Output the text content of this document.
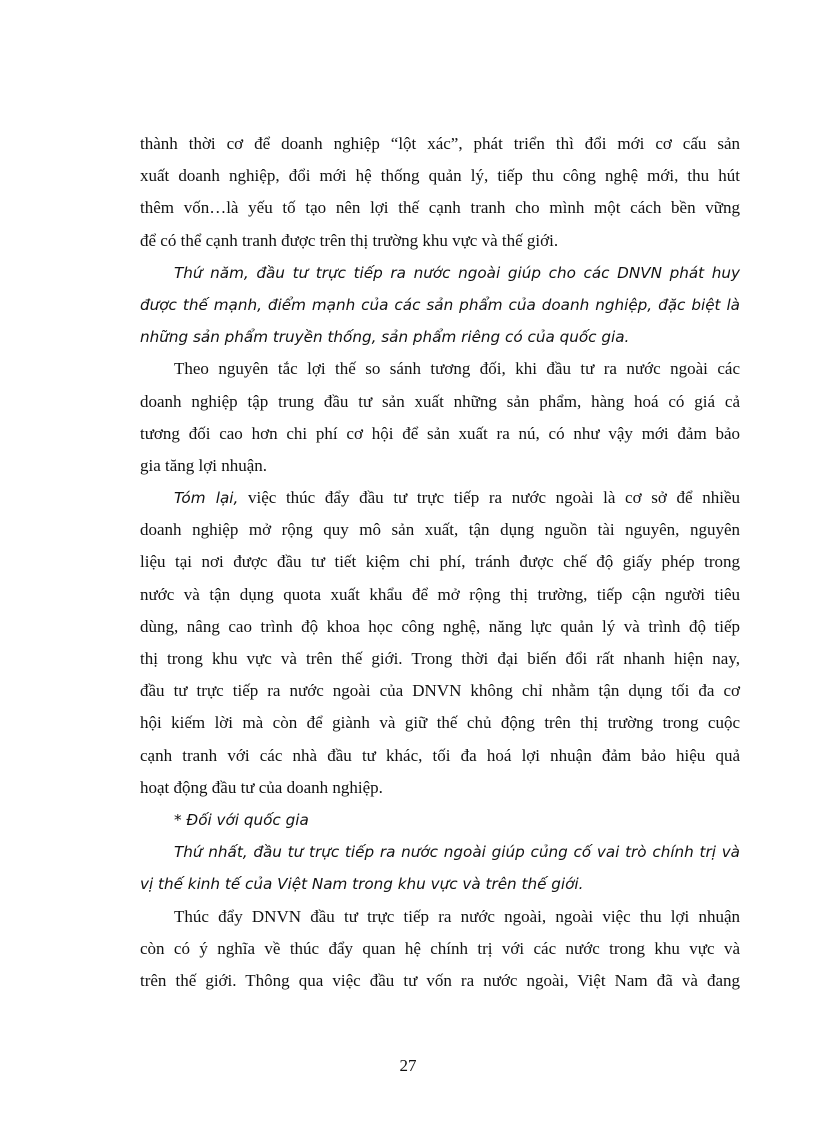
thành thời cơ để doanh nghiệp “lột xác”, phát triển thì đổi mới cơ cấu sản
xuất doanh nghiệp, đổi mới hệ thống quản lý, tiếp thu công nghệ mới, thu hút
thêm vốn…là yếu tố tạo nên lợi thế cạnh tranh cho mình một cách bền vững
để có thể cạnh tranh được trên thị trường khu vực và thế giới.
Thứ năm, đầu tư trực tiếp ra nước ngoài giúp cho các DNVN phát huy
được thế mạnh, điểm mạnh của các sản phẩm của doanh nghiệp, đặc biệt là
những sản phẩm truyền thống, sản phẩm riêng có của quốc gia.
Theo nguyên tắc lợi thế so sánh tương đối, khi đầu tư ra nước ngoài các
doanh nghiệp tập trung đầu tư sản xuất những sản phẩm, hàng hoá có giá cả
tương đối cao hơn chi phí cơ hội để sản xuất ra nú, có như vậy mới đảm bảo
gia tăng lợi nhuận.
Tóm lại, việc thúc đẩy đầu tư trực tiếp ra nước ngoài là cơ sở để nhiều
doanh nghiệp mở rộng quy mô sản xuất, tận dụng nguồn tài nguyên, nguyên
liệu tại nơi được đầu tư tiết kiệm chi phí, tránh được chế độ giấy phép trong
nước và tận dụng quota xuất khẩu để mở rộng thị trường, tiếp cận người tiêu
dùng, nâng cao trình độ khoa học công nghệ, năng lực quản lý và trình độ tiếp
thị trong khu vực và trên thế giới. Trong thời đại biến đổi rất nhanh hiện nay,
đầu tư trực tiếp ra nước ngoài của DNVN không chỉ nhằm tận dụng tối đa cơ
hội kiếm lời mà còn để giành và giữ thế chủ động trên thị trường trong cuộc
cạnh tranh với các nhà đầu tư khác, tối đa hoá lợi nhuận đảm bảo hiệu quả
hoạt động đầu tư của doanh nghiệp.
* Đối với quốc gia
Thứ nhất, đầu tư trực tiếp ra nước ngoài giúp củng cố vai trò chính trị và
vị thế kinh tế của Việt Nam trong khu vực và trên thế giới.
Thúc đẩy DNVN đầu tư trực tiếp ra nước ngoài, ngoài việc thu lợi nhuận
còn có ý nghĩa về thúc đẩy quan hệ chính trị với các nước trong khu vực và
trên thế giới. Thông qua việc đầu tư vốn ra nước ngoài, Việt Nam đã và đang
27
